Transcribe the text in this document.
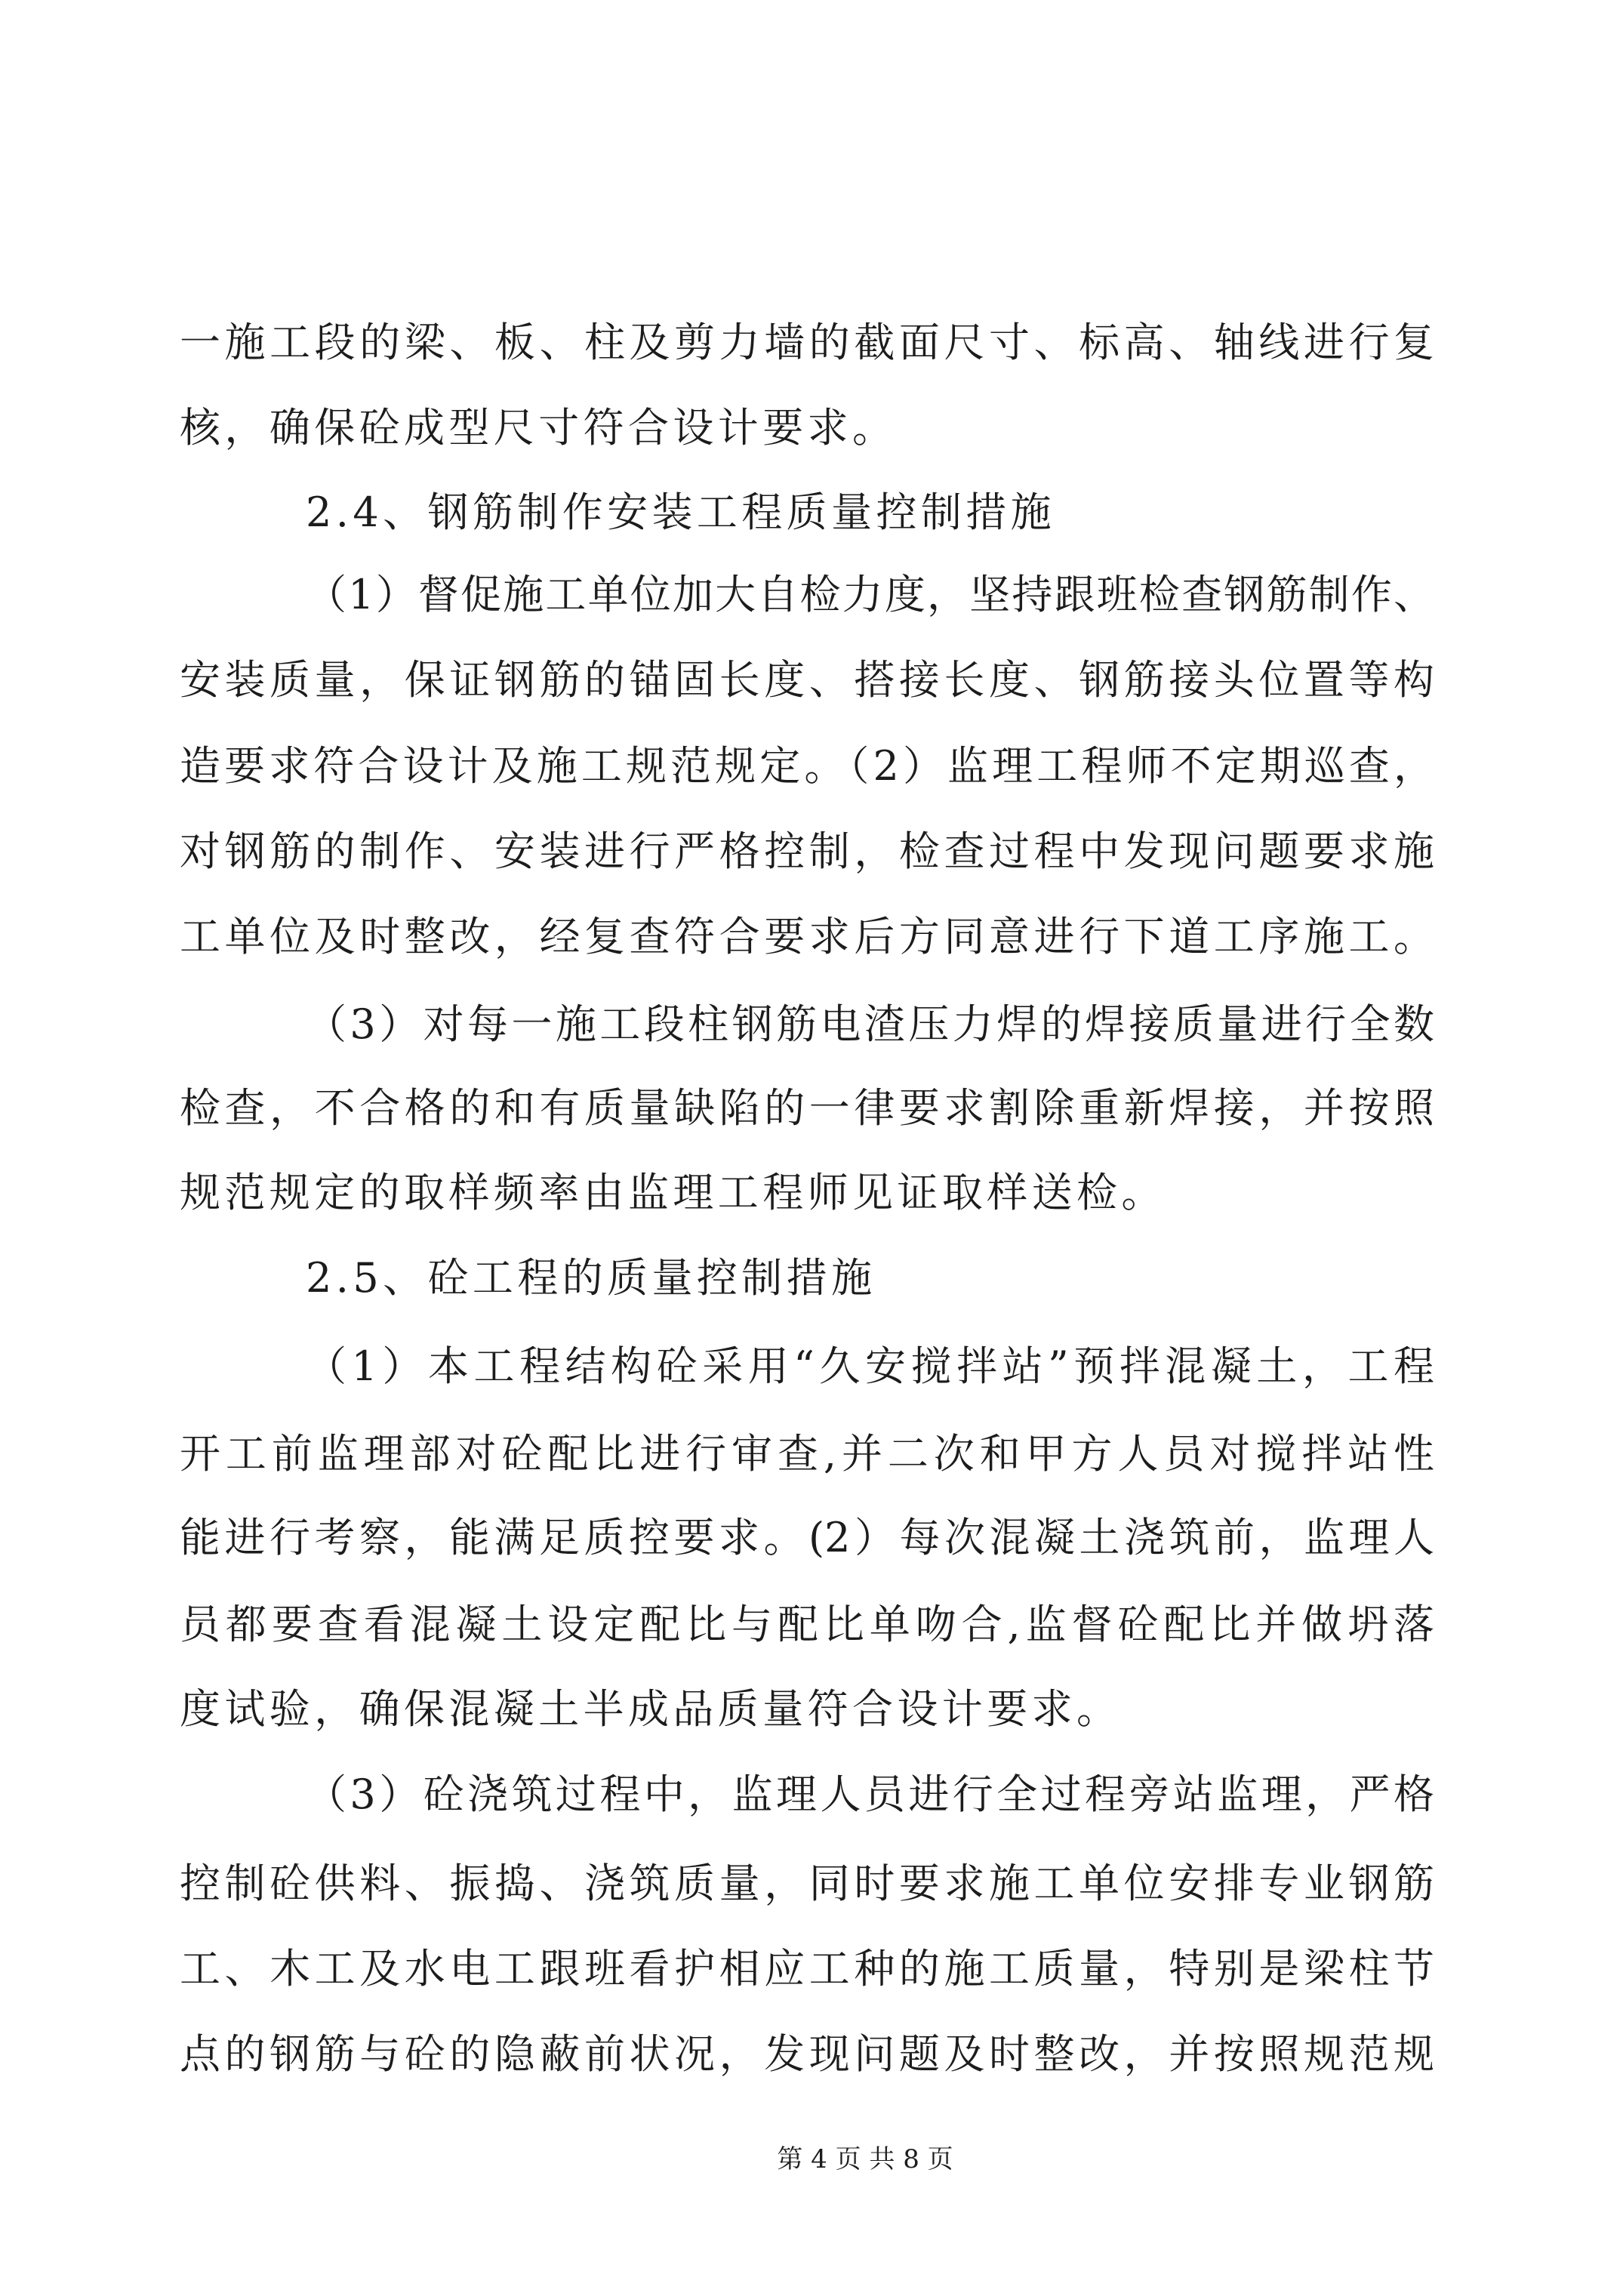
一施工段的梁、板、柱及剪力墙的截面尺寸、标高、轴线进行复
核，确保砼成型尺寸符合设计要求。
2.4、钢筋制作安装工程质量控制措施
（1）督促施工单位加大自检力度，坚持跟班检查钢筋制作、
安装质量，保证钢筋的锚固长度、搭接长度、钢筋接头位置等构
造要求符合设计及施工规范规定。（2）监理工程师不定期巡查，
对钢筋的制作、安装进行严格控制，检查过程中发现问题要求施
工单位及时整改，经复查符合要求后方同意进行下道工序施工。
（3）对每一施工段柱钢筋电渣压力焊的焊接质量进行全数
检查，不合格的和有质量缺陷的一律要求割除重新焊接，并按照
规范规定的取样频率由监理工程师见证取样送检。
2.5、砼工程的质量控制措施
（1）本工程结构砼采用“久安搅拌站”预拌混凝土，工程
开工前监理部对砼配比进行审查,并二次和甲方人员对搅拌站性
能进行考察，能满足质控要求。(2）每次混凝土浇筑前，监理人
员都要查看混凝土设定配比与配比单吻合,监督砼配比并做坍落
度试验，确保混凝土半成品质量符合设计要求。
（3）砼浇筑过程中，监理人员进行全过程旁站监理，严格
控制砼供料、振捣、浇筑质量，同时要求施工单位安排专业钢筋
工、木工及水电工跟班看护相应工种的施工质量，特别是梁柱节
点的钢筋与砼的隐蔽前状况，发现问题及时整改，并按照规范规
第 4 页 共 8 页
